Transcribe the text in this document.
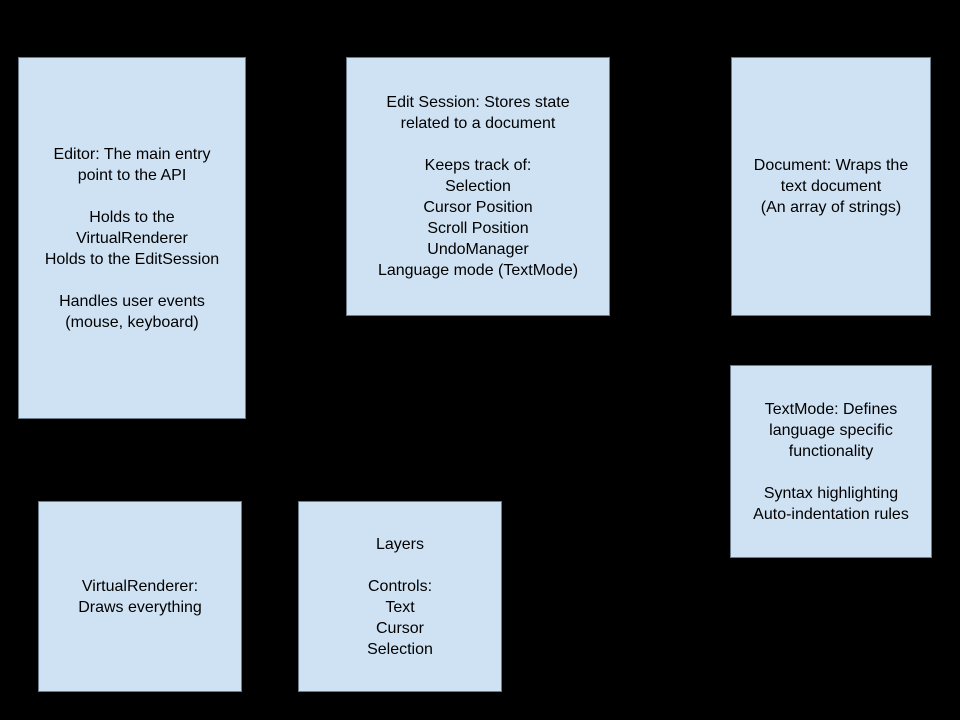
Editor: The main entry
point to the API
Holds to the
VirtualRenderer
Holds to the EditSession
Handles user events
(mouse, keyboard)
Edit Session: Stores state
related to a document
Keeps track of:
Selection
Cursor Position
Scroll Position
UndoManager
Language mode (TextMode)
Document: Wraps the
text document
(An array of strings)
TextMode: Defines
language specific
functionality
Syntax highlighting
Auto-indentation rules
VirtualRenderer:
Draws everything
Layers
Controls:
Text
Cursor
Selection
